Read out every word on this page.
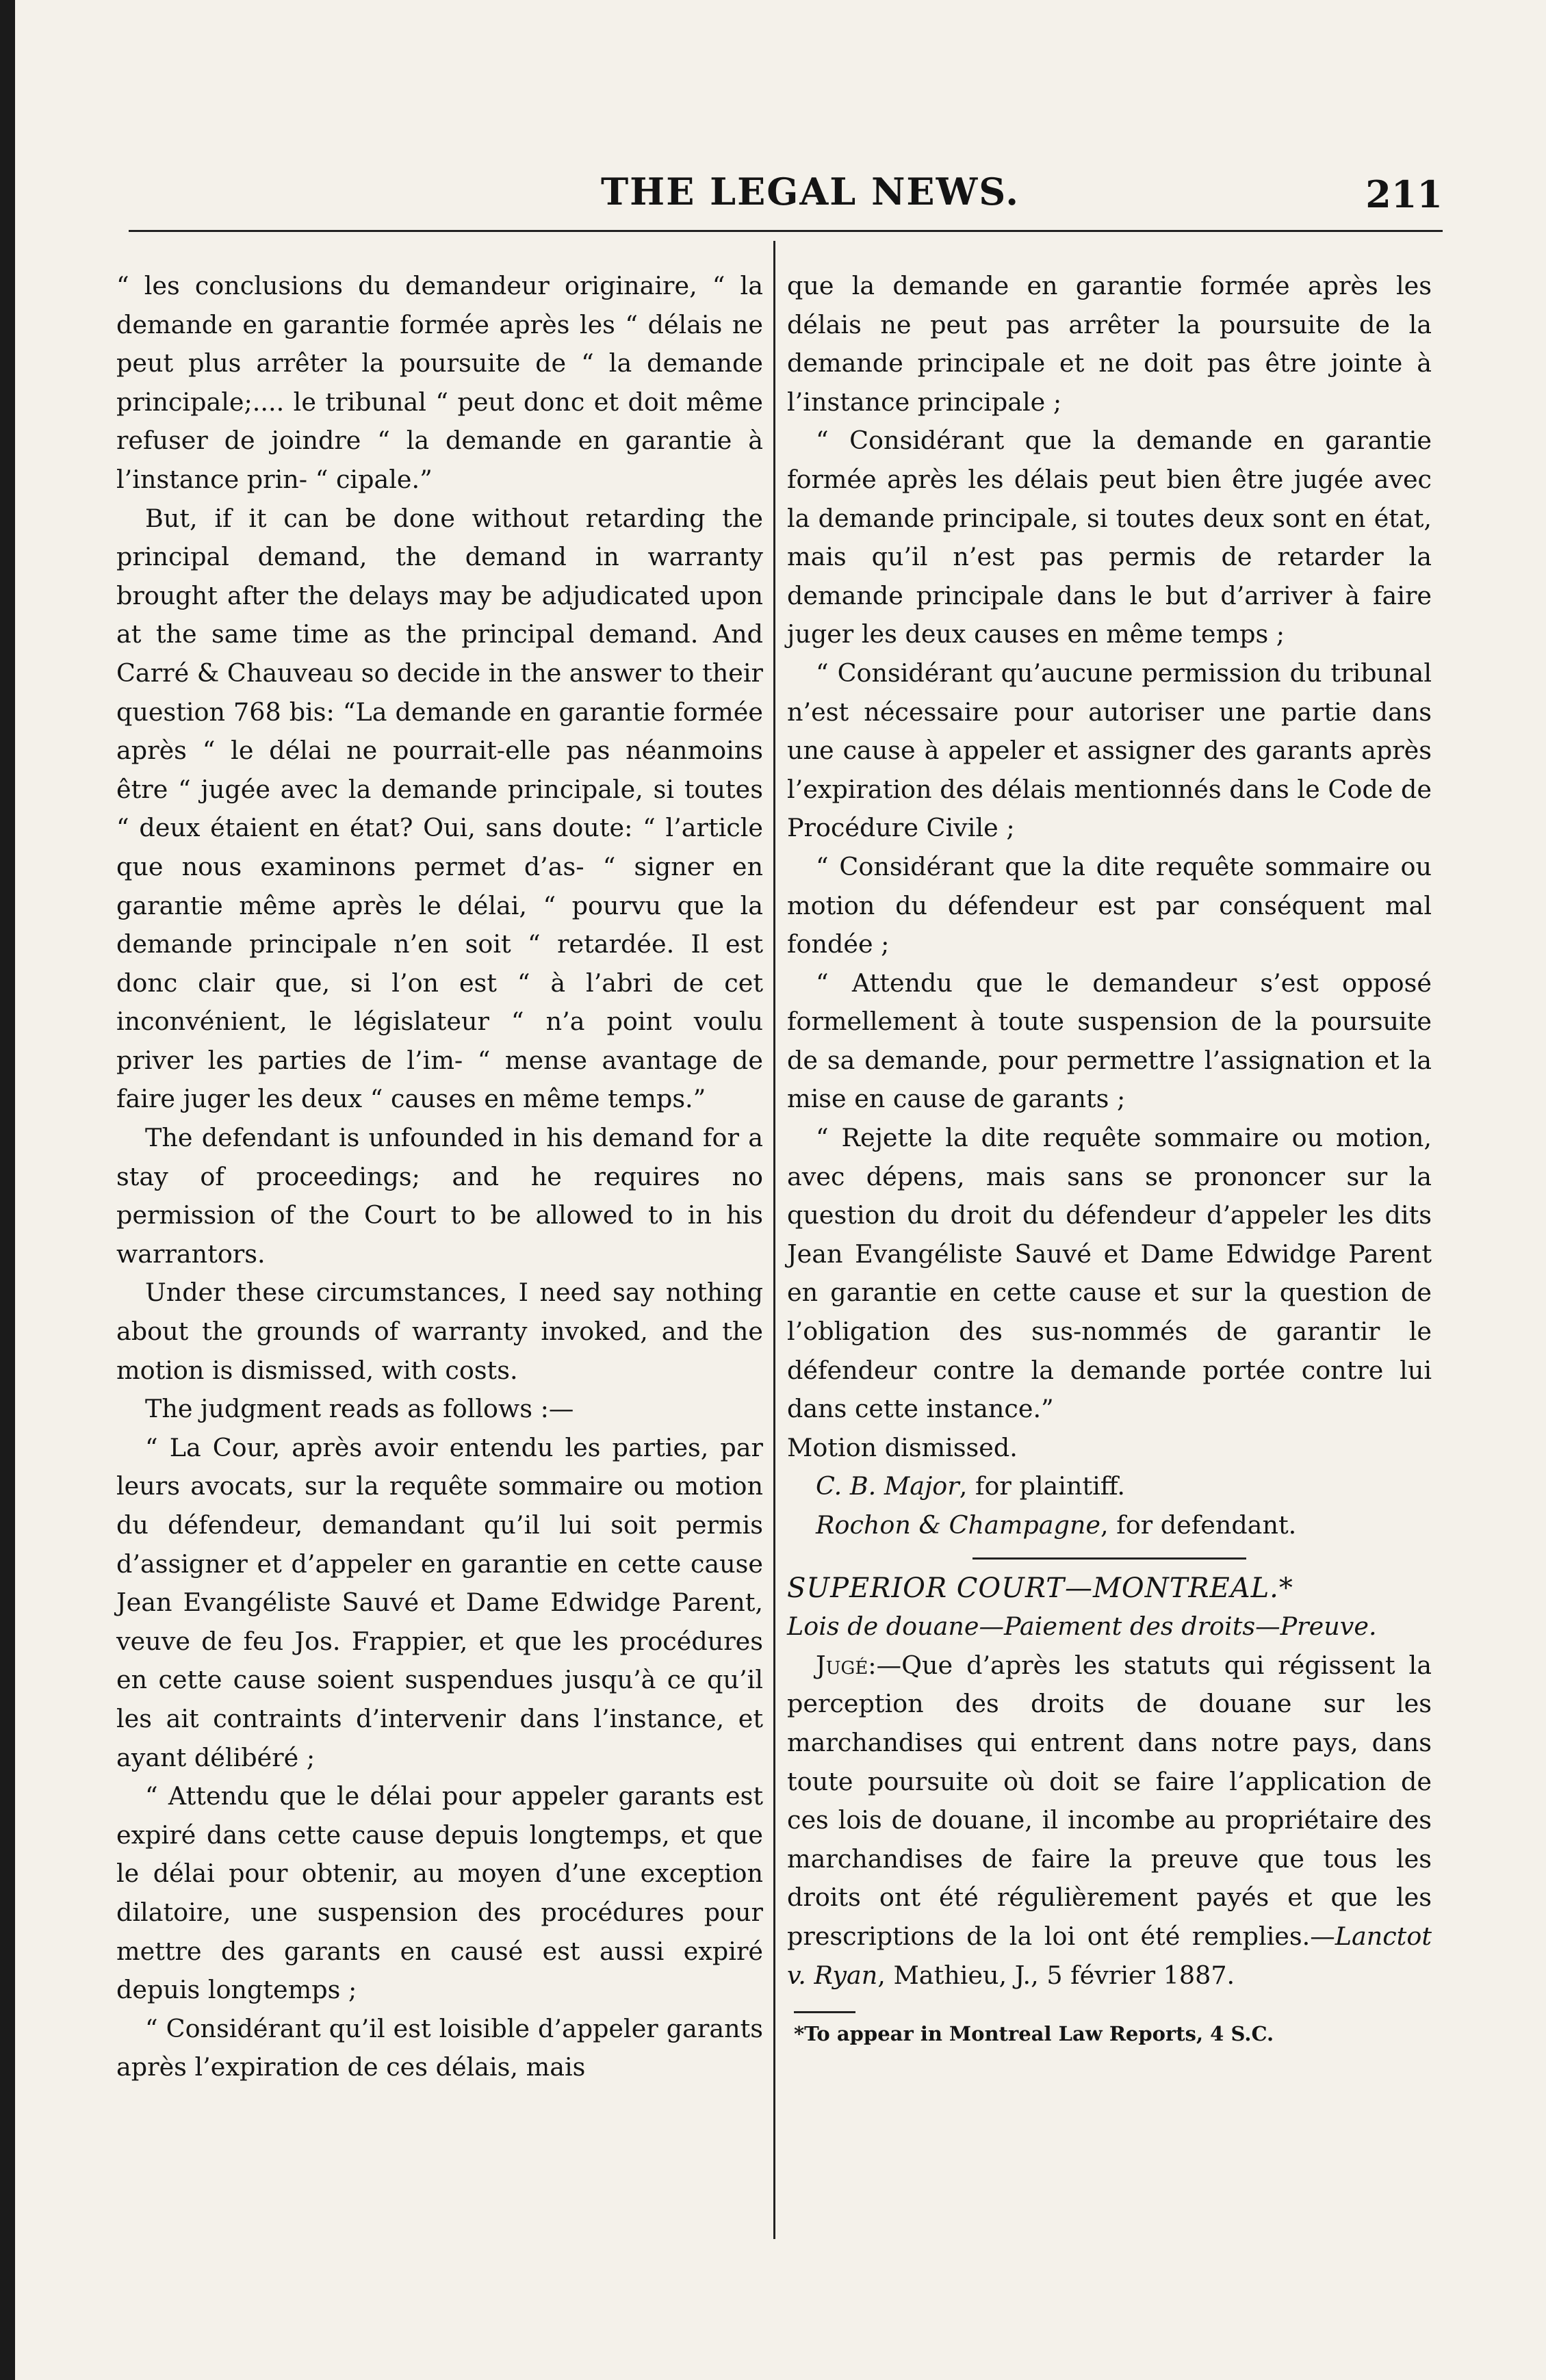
THE LEGAL NEWS.	211

“ les conclusions du demandeur originaire, “ la demande en garantie formée après les “ délais ne peut plus arrêter la poursuite de “ la demande principale;.... le tribunal “ peut donc et doit même refuser de joindre “ la demande en garantie à l’instance prin- “ cipale.”

But, if it can be done without retarding the principal demand, the demand in warranty brought after the delays may be adjudicated upon at the same time as the principal demand. And Carré & Chauveau so decide in the answer to their question 768 bis: “La demande en garantie formée après “ le délai ne pourrait-elle pas néanmoins être “ jugée avec la demande principale, si toutes “ deux étaient en état? Oui, sans doute: “ l’article que nous examinons permet d’as- “ signer en garantie même après le délai, “ pourvu que la demande principale n’en soit “ retardée. Il est donc clair que, si l’on est “ à l’abri de cet inconvénient, le législateur “ n’a point voulu priver les parties de l’im- “ mense avantage de faire juger les deux “ causes en même temps.”

The defendant is unfounded in his demand for a stay of proceedings; and he requires no permission of the Court to be allowed to in his warrantors.

Under these circumstances, I need say nothing about the grounds of warranty invoked, and the motion is dismissed, with costs.

The judgment reads as follows :—

“ La Cour, après avoir entendu les parties, par leurs avocats, sur la requête sommaire ou motion du défendeur, demandant qu’il lui soit permis d’assigner et d’appeler en garantie en cette cause Jean Evangéliste Sauvé et Dame Edwidge Parent, veuve de feu Jos. Frappier, et que les procédures en cette cause soient suspendues jusqu’à ce qu’il les ait contraints d’intervenir dans l’instance, et ayant délibéré ;

“ Attendu que le délai pour appeler garants est expiré dans cette cause depuis longtemps, et que le délai pour obtenir, au moyen d’une exception dilatoire, une suspension des procédures pour mettre des garants en causé est aussi expiré depuis longtemps ;

“ Considérant qu’il est loisible d’appeler garants après l’expiration de ces délais, mais

que la demande en garantie formée après les délais ne peut pas arrêter la poursuite de la demande principale et ne doit pas être jointe à l’instance principale ;

“ Considérant que la demande en garantie formée après les délais peut bien être jugée avec la demande principale, si toutes deux sont en état, mais qu’il n’est pas permis de retarder la demande principale dans le but d’arriver à faire juger les deux causes en même temps ;

“ Considérant qu’aucune permission du tribunal n’est nécessaire pour autoriser une partie dans une cause à appeler et assigner des garants après l’expiration des délais mentionnés dans le Code de Procédure Civile ;

“ Considérant que la dite requête sommaire ou motion du défendeur est par conséquent mal fondée ;

“ Attendu que le demandeur s’est opposé formellement à toute suspension de la poursuite de sa demande, pour permettre l’assignation et la mise en cause de garants ;

“ Rejette la dite requête sommaire ou motion, avec dépens, mais sans se prononcer sur la question du droit du défendeur d’appeler les dits Jean Evangéliste Sauvé et Dame Edwidge Parent en garantie en cette cause et sur la question de l’obligation des sus-nommés de garantir le défendeur contre la demande portée contre lui dans cette instance.”

Motion dismissed.

C. B. Major, for plaintiff.

Rochon & Champagne, for defendant.

SUPERIOR COURT—MONTREAL.*

Lois de douane—Paiement des droits—Preuve.

Jugé:—Que d’après les statuts qui régissent la perception des droits de douane sur les marchandises qui entrent dans notre pays, dans toute poursuite où doit se faire l’application de ces lois de douane, il incombe au propriétaire des marchandises de faire la preuve que tous les droits ont été régulièrement payés et que les prescriptions de la loi ont été remplies.—Lanctot v. Ryan, Mathieu, J., 5 février 1887.

*To appear in Montreal Law Reports, 4 S.C.
